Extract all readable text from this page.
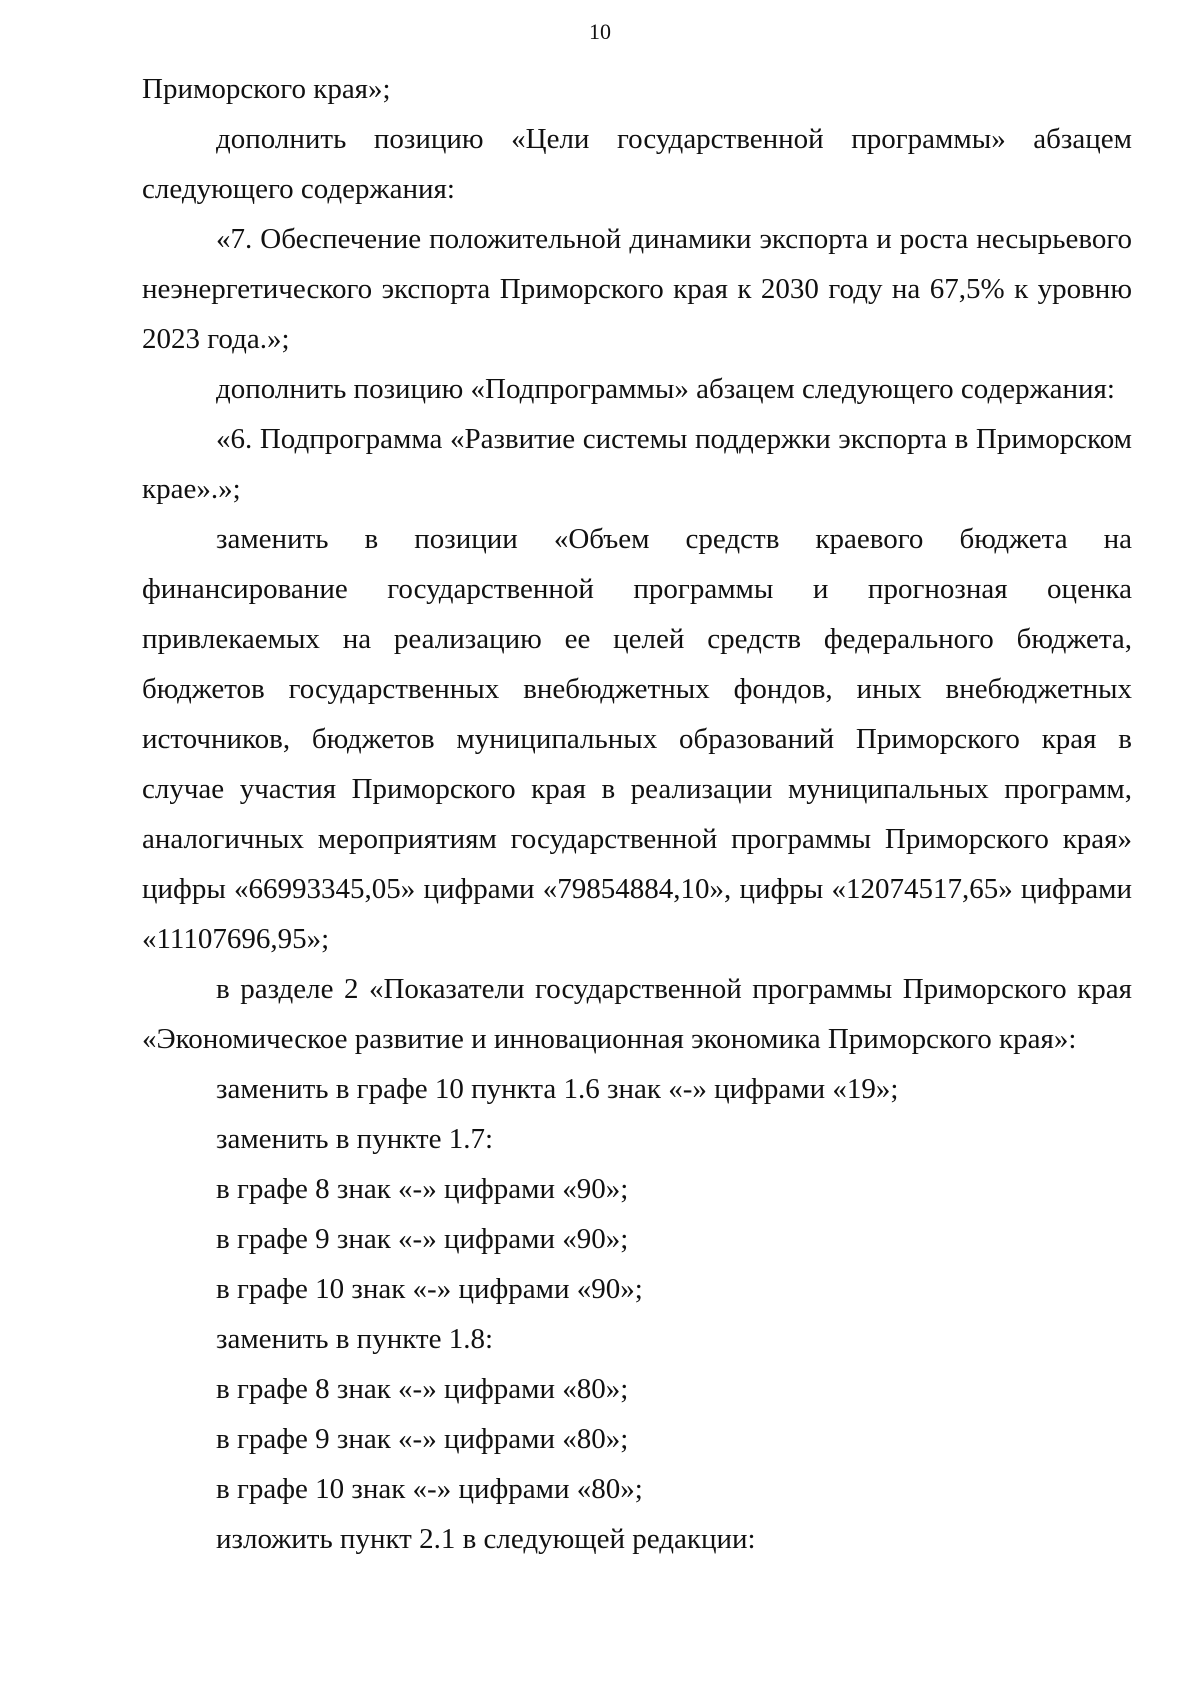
10

Приморского края»;

дополнить позицию «Цели государственной программы» абзацем следующего содержания:

«7. Обеспечение положительной динамики экспорта и роста несырьевого неэнергетического экспорта Приморского края к 2030 году на 67,5% к уровню 2023 года.»;

дополнить позицию «Подпрограммы» абзацем следующего содержания:

«6. Подпрограмма «Развитие системы поддержки экспорта в Приморском крае».»;

заменить в позиции «Объем средств краевого бюджета на финансирование государственной программы и прогнозная оценка привлекаемых на реализацию ее целей средств федерального бюджета, бюджетов государственных внебюджетных фондов, иных внебюджетных источников, бюджетов муниципальных образований Приморского края в случае участия Приморского края в реализации муниципальных программ, аналогичных мероприятиям государственной программы Приморского края» цифры «66993345,05» цифрами «79854884,10», цифры «12074517,65» цифрами «11107696,95»;

в разделе 2 «Показатели государственной программы Приморского края «Экономическое развитие и инновационная экономика Приморского края»:

заменить в графе 10 пункта 1.6 знак «-» цифрами «19»;

заменить в пункте 1.7:

в графе 8 знак «-» цифрами «90»;

в графе 9 знак «-» цифрами «90»;

в графе 10 знак «-» цифрами «90»;

заменить в пункте 1.8:

в графе 8 знак «-» цифрами «80»;

в графе 9 знак «-» цифрами «80»;

в графе 10 знак «-» цифрами «80»;

изложить пункт 2.1 в следующей редакции:
